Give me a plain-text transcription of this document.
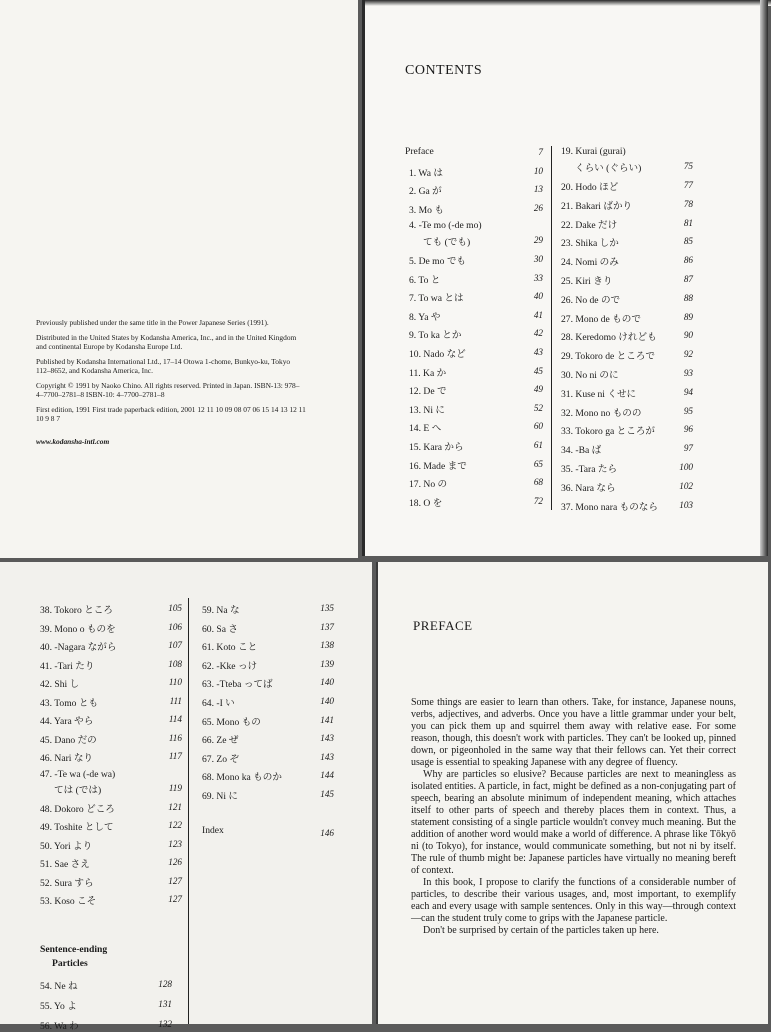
Previously published under the same title in the Power Japanese Series (1991).

Distributed in the United States by Kodansha America, Inc., and in the United Kingdom and continental Europe by Kodansha Europe Ltd.

Published by Kodansha International Ltd., 17–14 Otowa 1-chome, Bunkyo-ku, Tokyo 112–8652, and Kodansha America, Inc.

Copyright © 1991 by Naoko Chino. All rights reserved. Printed in Japan. ISBN-13: 978–4–7700–2781–8 ISBN-10: 4–7700–2781–8

First edition, 1991 First trade paperback edition, 2001 12 11 10 09 08 07 06 15 14 13 12 11 10 9 8 7

www.kodansha-intl.com

CONTENTS
Preface	7
1. Wa は	10
2. Ga が	13
3. Mo も	26
4. -Te mo (-de mo)
ても (でも)	29
5. De mo でも	30
6. To と	33
7. To wa とは	40
8. Ya や	41
9. To ka とか	42
10. Nado など	43
11. Ka か	45
12. De で	49
13. Ni に	52
14. E へ	60
15. Kara から	61
16. Made まで	65
17. No の	68
18. O を	72
19. Kurai (gurai)
くらい (ぐらい)	75
20. Hodo ほど	77
21. Bakari ばかり	78
22. Dake だけ	81
23. Shika しか	85
24. Nomi のみ	86
25. Kiri きり	87
26. No de ので	88
27. Mono de もので	89
28. Keredomo けれども	90
29. Tokoro de ところで	92
30. No ni のに	93
31. Kuse ni くせに	94
32. Mono no ものの	95
33. Tokoro ga ところが	96
34. -Ba ば	97
35. -Tara たら	100
36. Nara なら	102
37. Mono nara ものなら	103
38. Tokoro ところ	105
39. Mono o ものを	106
40. -Nagara ながら	107
41. -Tari たり	108
42. Shi し	110
43. Tomo とも	111
44. Yara やら	114
45. Dano だの	116
46. Nari なり	117
47. -Te wa (-de wa)
ては (では)	119
48. Dokoro どころ	121
49. Toshite として	122
50. Yori より	123
51. Sae さえ	126
52. Sura すら	127
53. Koso こそ	127
Sentence-ending
Particles
54. Ne ね	128
55. Yo よ	131
56. Wa わ	132
59. Na な	135
60. Sa さ	137
61. Koto こと	138
62. -Kke っけ	139
63. -Tteba ってば	140
64. -I い	140
65. Mono もの	141
66. Ze ぜ	143
67. Zo ぞ	143
68. Mono ka ものか	144
69. Ni に	145
Index	146
PREFACE

Some things are easier to learn than others. Take, for instance, Japanese nouns, verbs, adjectives, and adverbs. Once you have a little grammar under your belt, you can pick them up and squirrel them away with relative ease. For some reason, though, this doesn't work with particles. They can't be looked up, pinned down, or pigeonholed in the same way that their fellows can. Yet their correct usage is essential to speaking Japanese with any degree of fluency.

Why are particles so elusive? Because particles are next to meaningless as isolated entities. A particle, in fact, might be defined as a non-conjugating part of speech, bearing an absolute minimum of independent meaning, which attaches itself to other parts of speech and thereby places them in context. Thus, a statement consisting of a single particle wouldn't convey much meaning. But the addition of another word would make a world of difference. A phrase like Tōkyō ni (to Tokyo), for instance, would communicate something, but not ni by itself. The rule of thumb might be: Japanese particles have virtually no meaning bereft of context.

In this book, I propose to clarify the functions of a considerable number of particles, to describe their various usages, and, most important, to exemplify each and every usage with sample sentences. Only in this way—through context—can the student truly come to grips with the Japanese particle.

Don't be surprised by certain of the particles taken up here.
